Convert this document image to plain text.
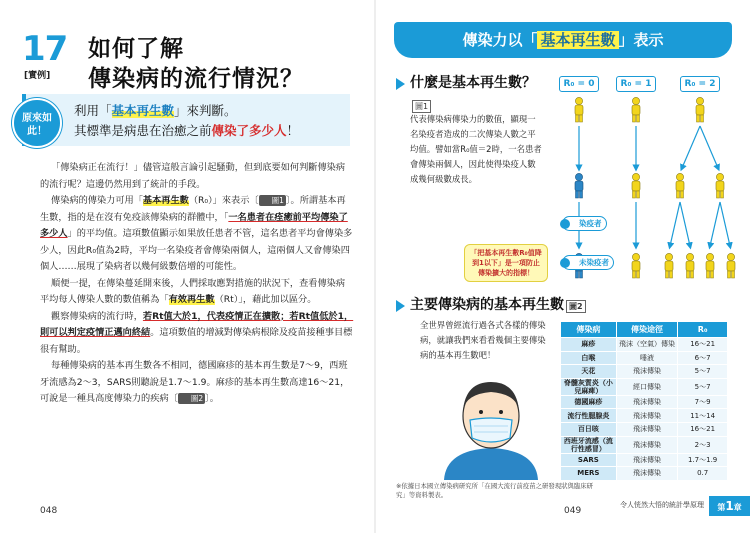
17
[實例]
如何了解
傳染病的流行情況？
原來如此！
利用「基本再生數」來判斷。
其標準是病患在治癒之前傳染了多少人！

「傳染病正在流行！」儘管這般言論引起騷動，但到底要如何判斷傳染病的流行呢？這邊仍然用到了統計的手段。

傳染病的傳染力可用「基本再生數（R₀）」來表示〔 圖1 〕。所謂基本再生數，指的是在沒有免疫該傳染病的群體中，「一名患者在痊癒前平均傳染了多少人」的平均值。這項數值顯示如果放任患者不管，這名患者平均會傳染多少人，因此R₀值為2時，平均一名染疫者會傳染兩個人，這兩個人又會傳染四個人……展現了染病者以幾何級數倍增的可能性。

順便一提，在傳染蔓延開來後，人們採取應對措施的狀況下，查看傳染病平均每人傳染人數的數值稱為「有效再生數（Rt）」，藉此加以區分。

觀察傳染病的流行時，若Rt值大於1，代表疫情正在擴散；若Rt值低於1，則可以判定疫情正邁向終結。這項數值的增減對傳染病根除及疫苗接種事目標很有幫助。

每種傳染病的基本再生數各不相同，德國麻疹的基本再生數是7～9，西班牙流感為2～3，SARS則聽說是1.7～1.9。麻疹的基本再生數高達16～21，可說是一種具高度傳染力的疾病〔 圖2 〕。

048
傳染力以「 基本再生數 」表示
什麼是基本再生數？
圖1
代表傳染病傳染力的數值，顯現一名染疫者造成的二次傳染人數之平均值。譬如當R₀值＝2時，一名患者會傳染兩個人，因此使得染疫人數成幾何級數成長。
R₀ = 0	R₀ = 1	R₀ = 2
「把基本再生數R₀值降到1以下」是一項防止傳染擴大的指標！
染疫者
未染疫者
主要傳染病的基本再生數 圖2
全世界曾經流行過各式各樣的傳染病，就讓我們來看看幾個主要傳染病的基本再生數吧！
傳染病	傳染途徑	R₀
麻疹	飛沫（空氣）傳染	16〜21
白喉	唾液	6〜7
天花	飛沫傳染	5〜7
脊髓灰質炎（小兒麻痺）	經口傳染	5〜7
德國麻疹	飛沫傳染	7〜9
流行性腮腺炎	飛沫傳染	11〜14
百日咳	飛沫傳染	16〜21
西班牙流感（流行性感冒）	飛沫傳染	2〜3
SARS	飛沫傳染	1.7〜1.9
MERS	飛沫傳染	0.7
※依據日本國立傳染病研究所「在國大流行前疫苗之研發現狀與臨床研究」等資料製表。
049
令人恍然大悟的統計學原理	第1章
